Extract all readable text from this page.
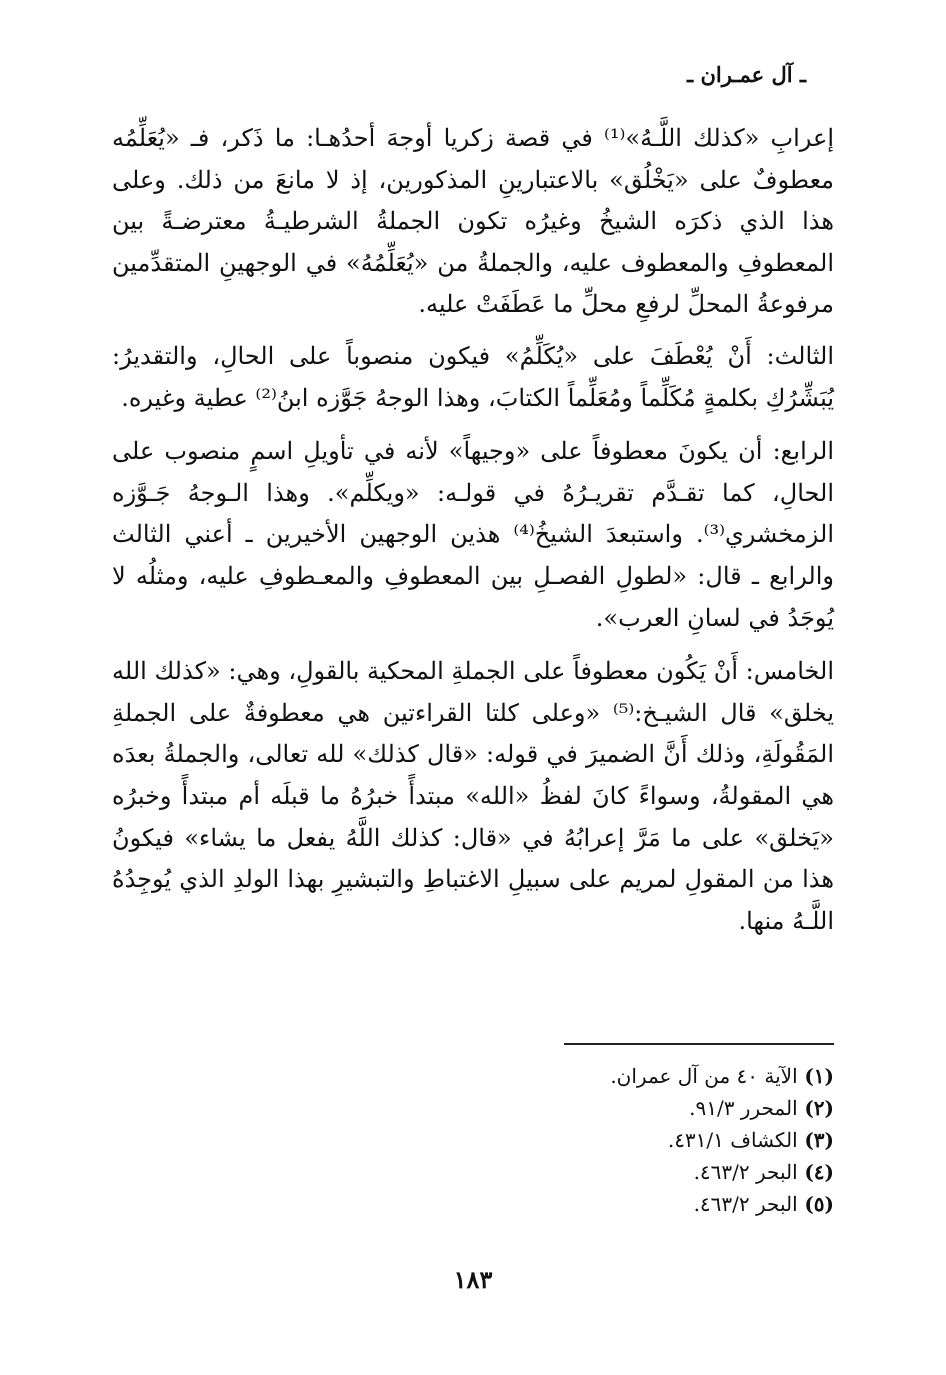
ـ آل عمـران ـ

إعرابِ «كذلك اللَّـهُ»⁽¹⁾ في قصة زكريا أوجهَ أحدُهـا: ما ذَكر، فـ «يُعَلِّمُه معطوفٌ على «يَخْلُق» بالاعتبارينِ المذكورين، إذ لا مانعَ من ذلك. وعلى هذا الذي ذكرَه الشيخُ وغيرُه تكون الجملةُ الشرطيـةُ معترضـةً بين المعطوفِ والمعطوف عليه، والجملةُ من «يُعَلِّمُهُ» في الوجهينِ المتقدِّمين مرفوعةُ المحلِّ لرفعِ محلِّ ما عَطَفَتْ عليه.

الثالث: أَنْ يُعْطَفَ على «يُكَلِّمُ» فيكون منصوباً على الحالِ، والتقديرُ: يُبَشِّرُكِ بكلمةٍ مُكَلِّماً ومُعَلِّماً الكتابَ، وهذا الوجهُ جَوَّزه ابنُ⁽²⁾ عطية وغيره.

الرابع: أن يكونَ معطوفاً على «وجيهاً» لأنه في تأويلِ اسمٍ منصوب على الحالِ، كما تقـدَّم تقريـرُهُ في قولـه: «ويكلِّم». وهذا الـوجهُ جَـوَّزه الزمخشري⁽³⁾. واستبعدَ الشيخُ⁽⁴⁾ هذين الوجهين الأخيرين ـ أعني الثالث والرابع ـ قال: «لطولِ الفصـلِ بين المعطوفِ والمعـطوفِ عليه، ومثلُه لا يُوجَدُ في لسانِ العرب».

الخامس: أَنْ يَكُون معطوفاً على الجملةِ المحكية بالقولِ، وهي: «كذلك الله يخلق» قال الشيـخ:⁽⁵⁾ «وعلى كلتا القراءتين هي معطوفةٌ على الجملةِ المَقُولَةِ، وذلك أَنَّ الضميرَ في قوله: «قال كذلك» لله تعالى، والجملةُ بعدَه هي المقولةُ، وسواءً كانَ لفظُ «الله» مبتدأً خبرُهُ ما قبلَه أم مبتدأً وخبرُه «يَخلق» على ما مَرَّ إعرابُهُ في «قال: كذلك اللَّهُ يفعل ما يشاء» فيكونُ هذا من المقولِ لمريم على سبيلِ الاغتباطِ والتبشيرِ بهذا الولدِ الذي يُوجِدُهُ اللَّـهُ منها.

(١) الآية ٤٠ من آل عمران.
(٢) المحرر ٩١/٣.
(٣) الكشاف ٤٣١/١.
(٤) البحر ٤٦٣/٢.
(٥) البحر ٤٦٣/٢.
١٨٣
